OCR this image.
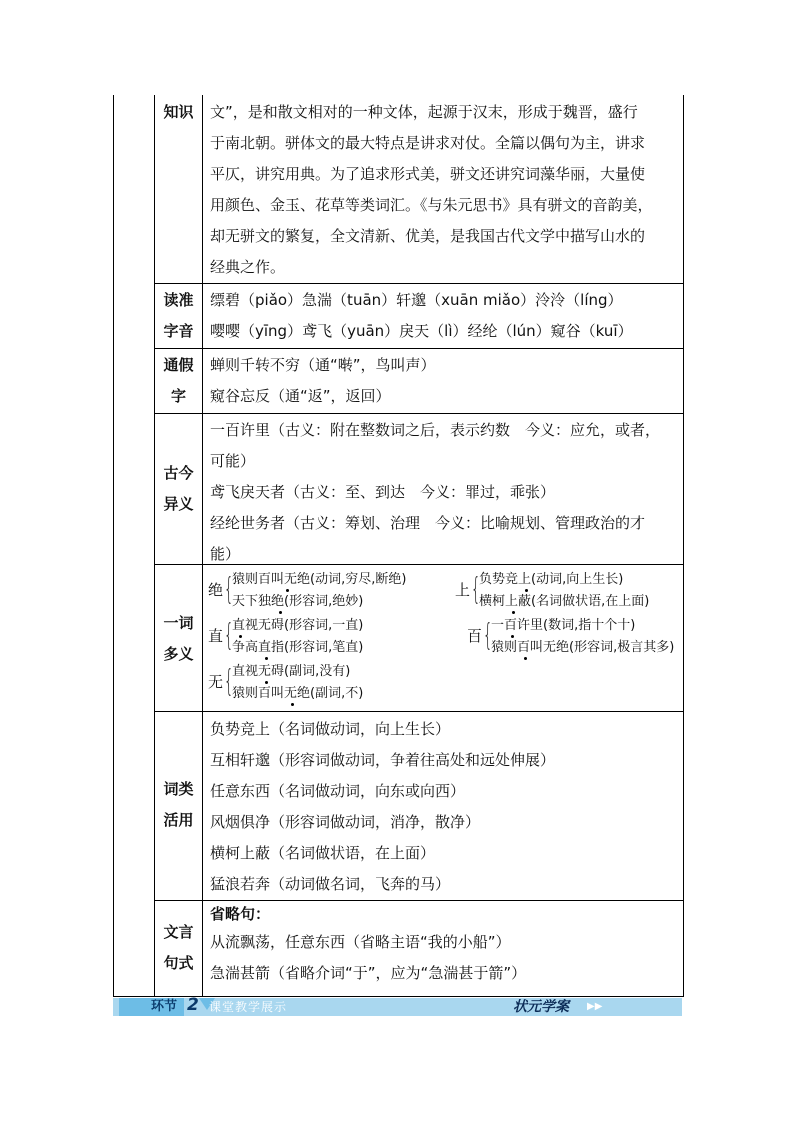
知识	文”，是和散文相对的一种文体，起源于汉末，形成于魏晋，盛行
于南北朝。骈体文的最大特点是讲求对仗。全篇以偶句为主，讲求
平仄，讲究用典。为了追求形式美，骈文还讲究词藻华丽，大量使
用颜色、金玉、花草等类词汇。《与朱元思书》具有骈文的音韵美，
却无骈文的繁复，全文清新、优美，是我国古代文学中描写山水的
经典之作。
读准
字音
缥碧（piǎo）急湍（tuān）轩邈（xuān miǎo）泠泠（líng）
嘤嘤（yīng）鸢飞（yuān）戾天（lì）经纶（lún）窥谷（kuī）
通假
字
蝉则千转不穷（通“啭”，鸟叫声）
窥谷忘反（通“返”，返回）
古今
异义
一百许里（古义：附在整数词之后，表示约数　今义：应允，或者，
可能）
鸢飞戾天者（古义：至、到达　今义：罪过，乖张）
经纶世务者（古义：筹划、治理　今义：比喻规划、管理政治的才
能）
一词
多义
绝 {
猿则百叫无绝(动词,穷尽,断绝)
天下独绝(形容词,绝妙)
直 {
直视无碍(形容词,一直)
争高直指(形容词,笔直)
无 {
直视无碍(副词,没有)
猿则百叫无绝(副词,不)
上 {
负势竞上(动词,向上生长)
横柯上蔽(名词做状语,在上面)
百 {
一百许里(数词,指十个十)
猿则百叫无绝(形容词,极言其多)
词类
活用
负势竞上（名词做动词，向上生长）
互相轩邈（形容词做动词，争着往高处和远处伸展）
任意东西（名词做动词，向东或向西）
风烟俱净（形容词做动词，消净，散净）
横柯上蔽（名词做状语，在上面）
猛浪若奔（动词做名词，飞奔的马）
文言
句式
省略句：
从流飘荡，任意东西（省略主语“我的小船”）
急湍甚箭（省略介词“于”，应为“急湍甚于箭”）
环节 2 课堂教学展示	状元学案 ▶▶
